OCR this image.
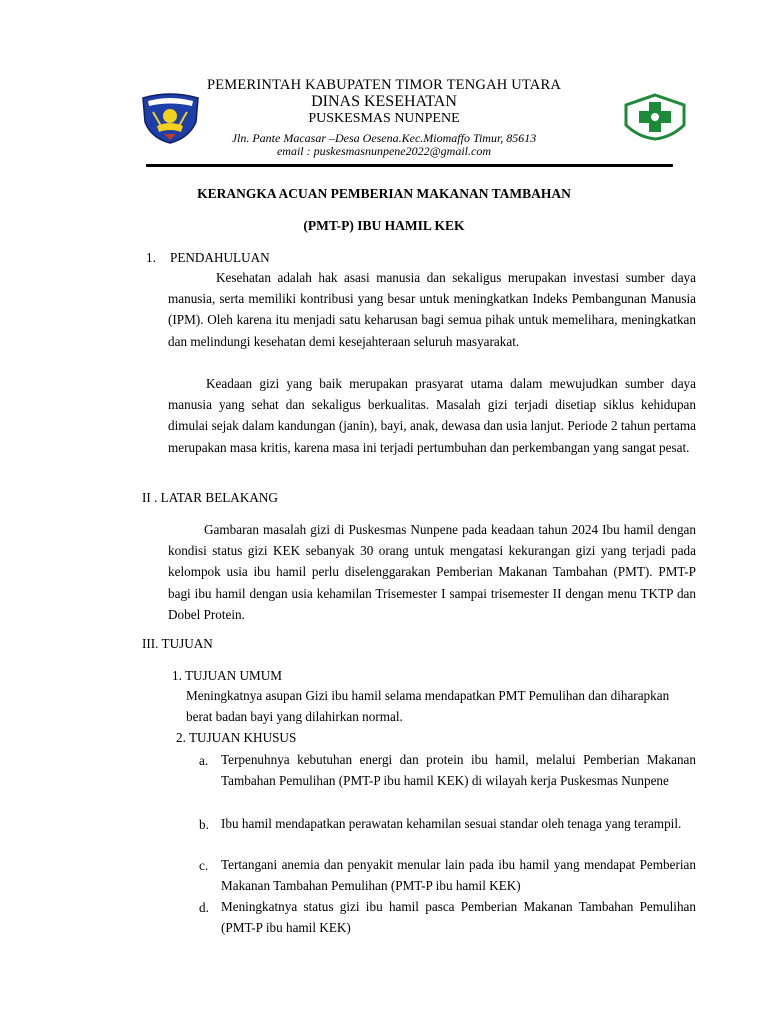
PEMERINTAH KABUPATEN TIMOR TENGAH UTARA
DINAS KESEHATAN
PUSKESMAS NUNPENE
Jln. Pante Macasar –Desa Oesena.Kec.Miomaffo Timur, 85613
email : puskesmasnunpene2022@gmail.com
KERANGKA ACUAN PEMBERIAN MAKANAN TAMBAHAN
(PMT-P) IBU HAMIL KEK
1. PENDAHULUAN
Kesehatan adalah hak asasi manusia dan sekaligus merupakan investasi sumber daya manusia, serta memiliki kontribusi yang besar untuk meningkatkan Indeks Pembangunan Manusia (IPM). Oleh karena itu menjadi satu keharusan bagi semua pihak untuk memelihara, meningkatkan dan melindungi kesehatan demi kesejahteraan seluruh masyarakat.
Keadaan gizi yang baik merupakan prasyarat utama dalam mewujudkan sumber daya manusia yang sehat dan sekaligus berkualitas. Masalah gizi terjadi disetiap siklus kehidupan dimulai sejak dalam kandungan (janin), bayi, anak, dewasa dan usia lanjut. Periode 2 tahun pertama merupakan masa kritis, karena masa ini terjadi pertumbuhan dan perkembangan yang sangat pesat.
II . LATAR BELAKANG
Gambaran masalah gizi di Puskesmas Nunpene pada keadaan tahun 2024 Ibu hamil dengan kondisi status gizi KEK sebanyak 30 orang untuk mengatasi kekurangan gizi yang terjadi pada kelompok usia ibu hamil perlu diselenggarakan Pemberian Makanan Tambahan (PMT). PMT-P bagi ibu hamil dengan usia kehamilan Trisemester I sampai trisemester II dengan menu TKTP dan Dobel Protein.
III. TUJUAN
1. TUJUAN UMUM
Meningkatnya asupan Gizi ibu hamil selama mendapatkan PMT Pemulihan dan diharapkan berat badan bayi yang dilahirkan normal.
2. TUJUAN KHUSUS
a. Terpenuhnya kebutuhan energi dan protein ibu hamil, melalui Pemberian Makanan Tambahan Pemulihan (PMT-P ibu hamil KEK) di wilayah kerja Puskesmas Nunpene
b. Ibu hamil mendapatkan perawatan kehamilan sesuai standar oleh tenaga yang terampil.
c. Tertangani anemia dan penyakit menular lain pada ibu hamil yang mendapat Pemberian Makanan Tambahan Pemulihan (PMT-P ibu hamil KEK)
d. Meningkatnya status gizi ibu hamil pasca Pemberian Makanan Tambahan Pemulihan (PMT-P ibu hamil KEK)
